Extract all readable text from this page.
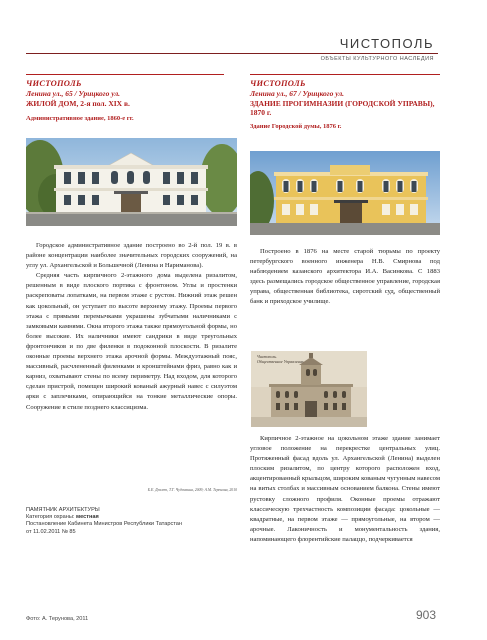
ЧИСТОПОЛЬ
ОБЪЕКТЫ КУЛЬТУРНОГО НАСЛЕДИЯ
ЧИСТОПОЛЬ
Ленина ул., 65 / Урицкого ул.
ЖИЛОЙ ДОМ, 2-я пол. XIX в.
Административное здание, 1860-е гг.
ЧИСТОПОЛЬ
Ленина ул., 67 / Урицкого ул.
ЗДАНИЕ ПРОГИМНАЗИИ (ГОРОДСКОЙ УПРАВЫ), 1870 г.
Здание Городской думы, 1876 г.
Чистополь.
Общественное Управление.

Городское административное здание построено во 2-й пол. 19 в. в районе концентрации наиболее значительных городских сооружений, на углу ул. Архангельской и Большечной (Ленина и Нариманова).

Средняя часть кирпичного 2-этажного дома выделена ризалитом, решенным в виде плоского портика с фронтоном. Углы и простенки раскреповаты лопатками, на первом этаже с рустом. Нижний этаж решен как цокольный, он уступает по высоте верхнему этажу. Проемы первого этажа с прямыми перемычками украшены зубчатыми наличниками с замковыми камнями. Окна второго этажа также прямоугольной формы, но более высокие. Их наличники имеют сандрики в виде треугольных фронтончиков и по две филенки в подоконной плоскости. В ризалите оконные проемы верхнего этажа арочной формы. Междуэтажный пояс, массивный, расчлененный филенками и кронштейнами фриз, равно как и карниз, охватывают стены по всему периметру. Над входом, для которого сделан пристрой, помещен широкий кованый ажурный навес с силуэтом арки с заплечиками, опирающийся на тонкие металлические опоры. Сооружение в стиле позднего классицизма.

Б.Е. Девлет, Т.Г. Чудочкина, 2009; А.М. Теренова, 2010
ПАМЯТНИК АРХИТЕКТУРЫ
Категория охраны: местная
Постановление Кабинета Министров Республики Татарстан
от 11.02.2011 № 85

Построено в 1876 на месте старой тюрьмы по проекту петербургского военного инженера Н.В. Смирнова под наблюдением казанского архитектора И.А. Васинкова. С 1883 здесь размещались городское общественное управление, городская управа, общественная библиотека, сиротский суд, общественный банк и приходское училище.

Кирпичное 2-этажное на цокольном этаже здание занимает угловое положение на перекрестке центральных улиц. Протяженный фасад вдоль ул. Архангельской (Ленина) выделен плоским ризалитом, по центру которого расположен вход, акцентированный крыльцом, широким кованым чугунным навесом на витых столбах и массивным основанием балкона. Стены имеют рустовку сложного профиля. Оконные проемы отражают классическую трехчастность композиции фасада: цокольные — квадратные, на первом этаже — прямоугольные, на втором — арочные. Лаконичность и монументальность здания, напоминающего флорентийские палаццо, подчеркивается

Фото: А. Терунова, 2011	903
